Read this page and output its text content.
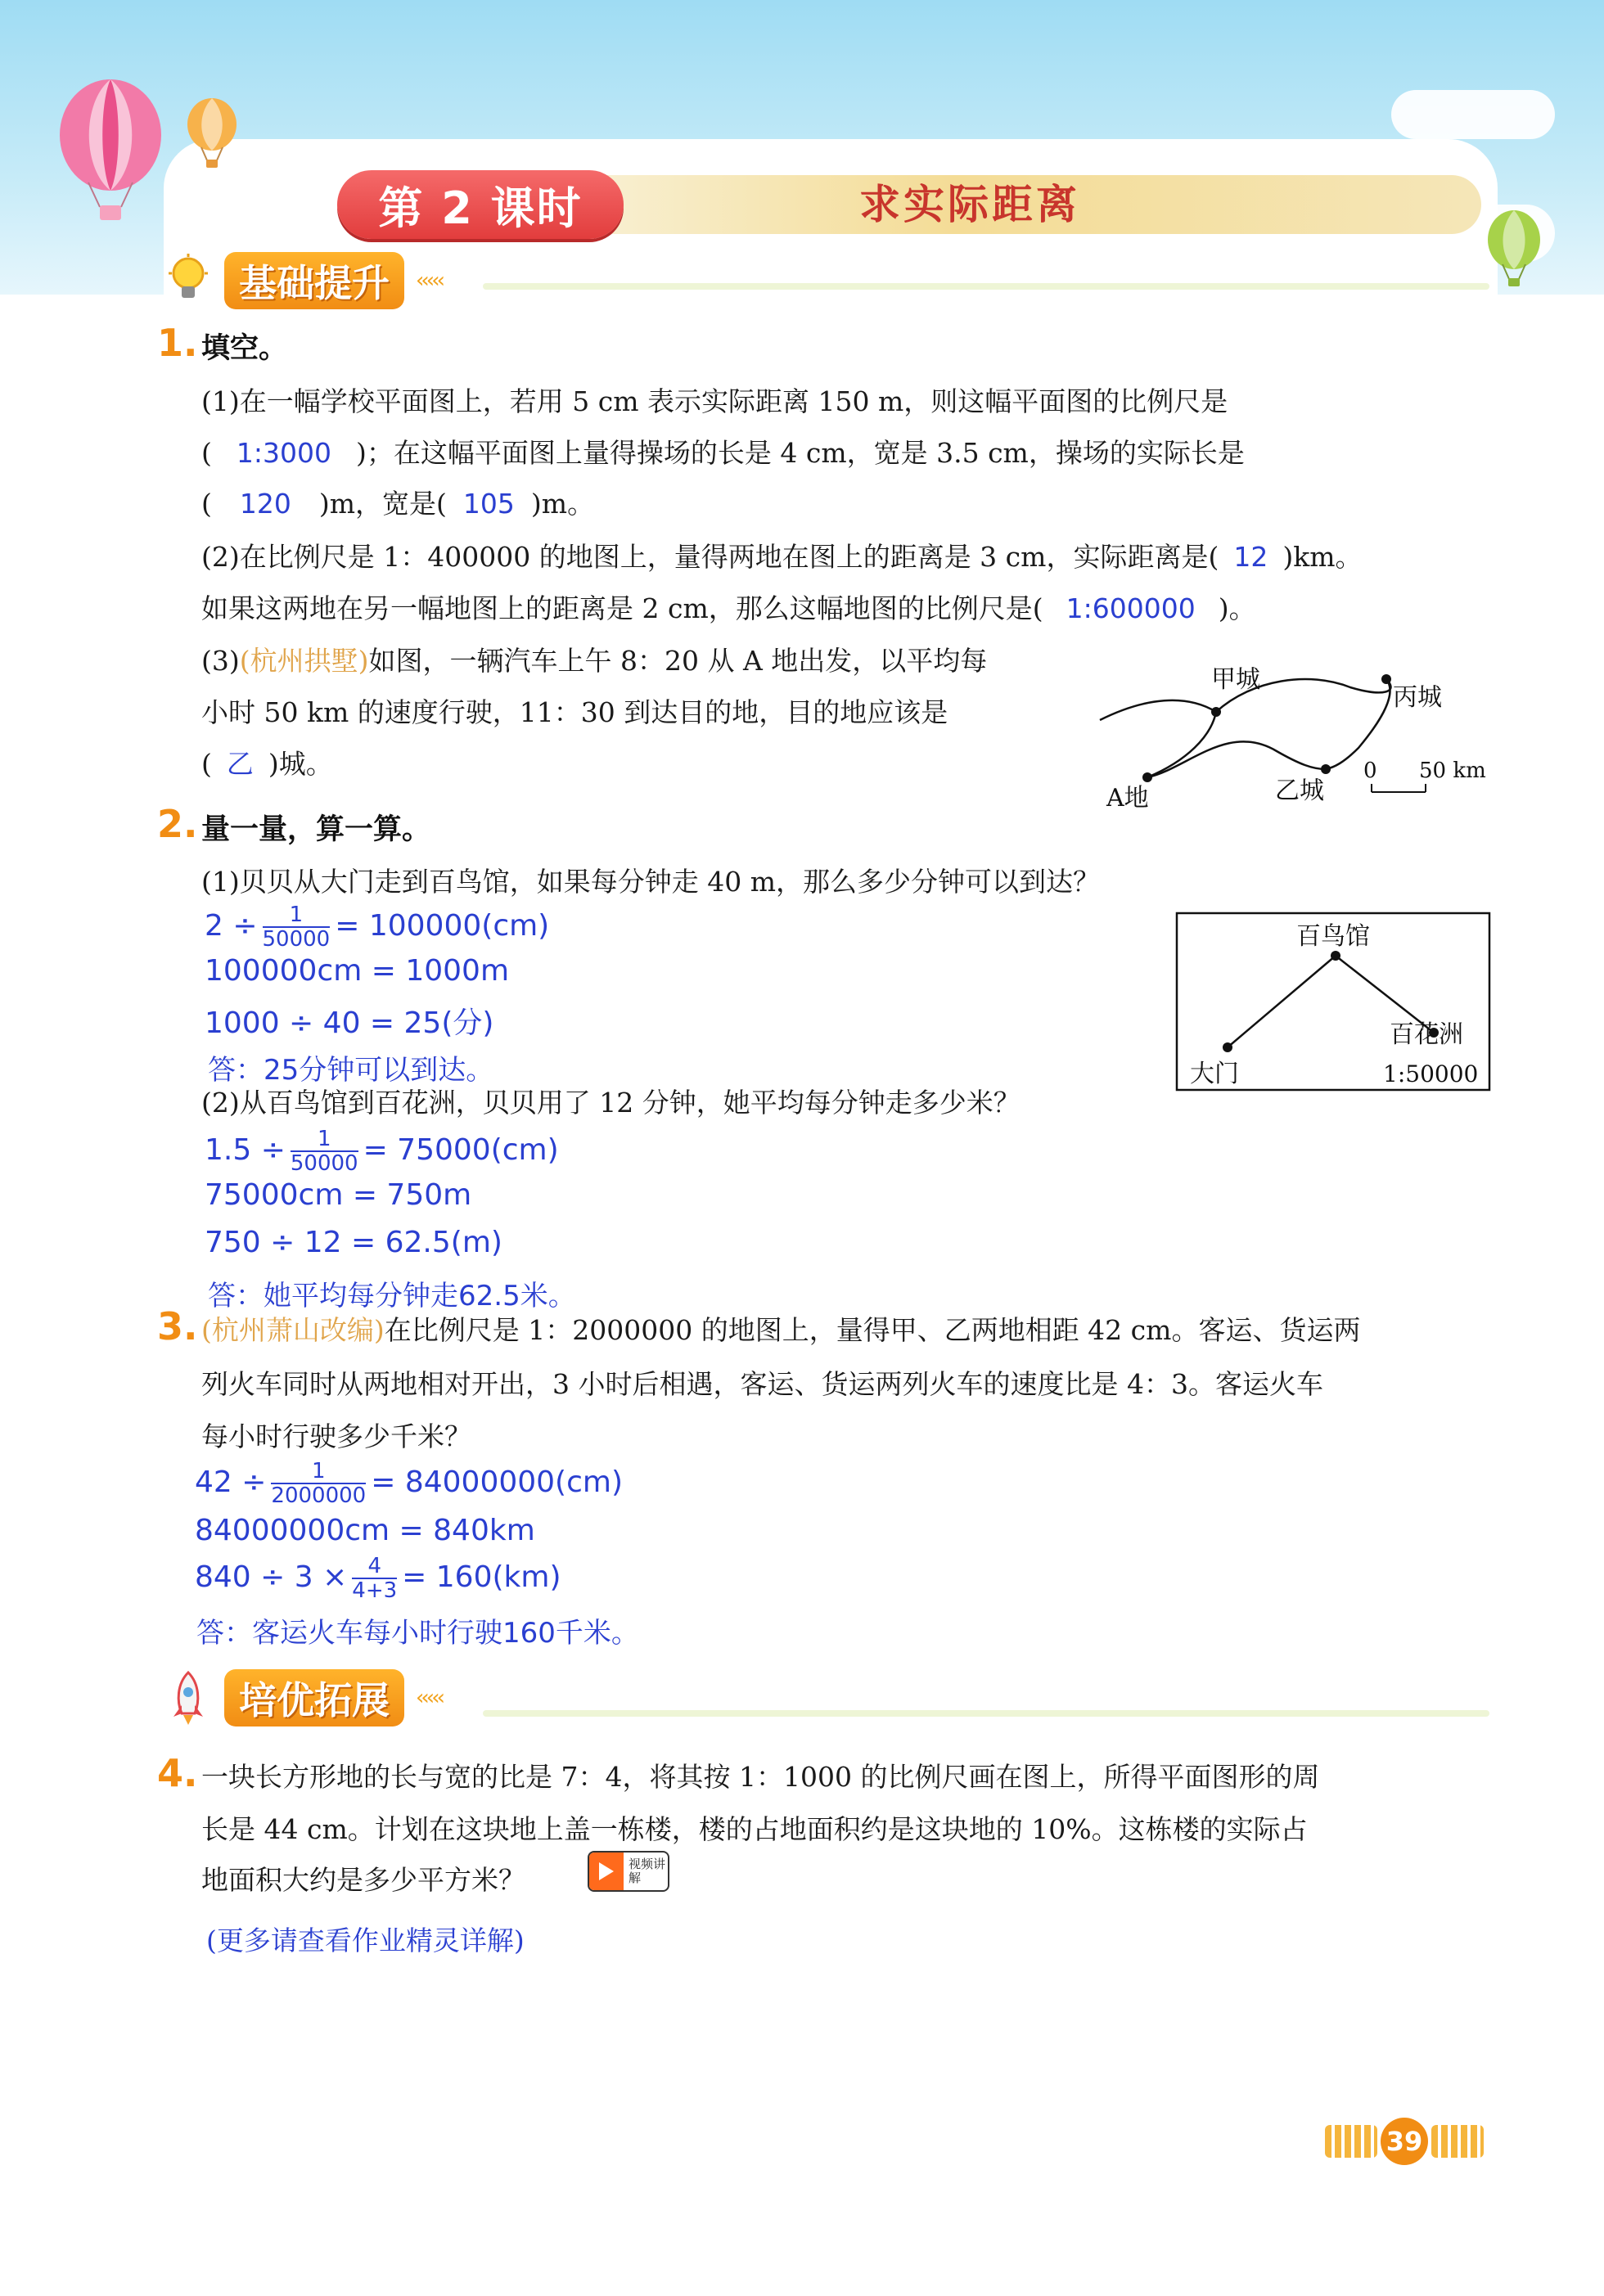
第 2 课时	求实际距离
基础提升	‹‹‹‹‹
1. 填空。
(1)在一幅学校平面图上，若用 5 cm 表示实际距离 150 m，则这幅平面图的比例尺是
( 1:3000 )；在这幅平面图上量得操场的长是 4 cm，宽是 3.5 cm，操场的实际长是
( 120 )m，宽是( 105 )m。
(2)在比例尺是 1：400000 的地图上，量得两地在图上的距离是 3 cm，实际距离是( 12 )km。
如果这两地在另一幅地图上的距离是 2 cm，那么这幅地图的比例尺是( 1:600000 )。
(3)(杭州拱墅)如图，一辆汽车上午 8：20 从 A 地出发，以平均每
小时 50 km 的速度行驶，11：30 到达目的地，目的地应该是
( 乙 )城。
甲城
丙城
A地	乙城
0 50 km
2. 量一量，算一算。
(1)贝贝从大门走到百鸟馆，如果每分钟走 40 m，那么多少分钟可以到达？
$2 \div \frac{1}{50000} = 100000(cm)$
100000cm = 1000m
1000 ÷ 40 = 25(分)
答：25分钟可以到达。
百鸟馆
百花洲
大门	1:50000
(2)从百鸟馆到百花洲，贝贝用了 12 分钟，她平均每分钟走多少米？
$1.5 \div \frac{1}{50000} = 75000(cm)$
75000cm = 750m
750 ÷ 12 = 62.5(m)
答：她平均每分钟走62.5米。
3. (杭州萧山改编)在比例尺是 1：2000000 的地图上，量得甲、乙两地相距 42 cm。客运、货运两
列火车同时从两地相对开出，3 小时后相遇，客运、货运两列火车的速度比是 4：3。客运火车
每小时行驶多少千米？
$42 \div \frac{1}{2000000} = 84000000(cm)$
84000000cm = 840km
$840 \div 3 \times \frac{4}{4+3} = 160(km)$
答：客运火车每小时行驶160千米。
培优拓展	‹‹‹‹‹
4. 一块长方形地的长与宽的比是 7：4，将其按 1：1000 的比例尺画在图上，所得平面图形的周
长是 44 cm。计划在这块地上盖一栋楼，楼的占地面积约是这块地的 10%。这栋楼的实际占
地面积大约是多少平方米？	视频讲解
(更多请查看作业精灵详解)
39
